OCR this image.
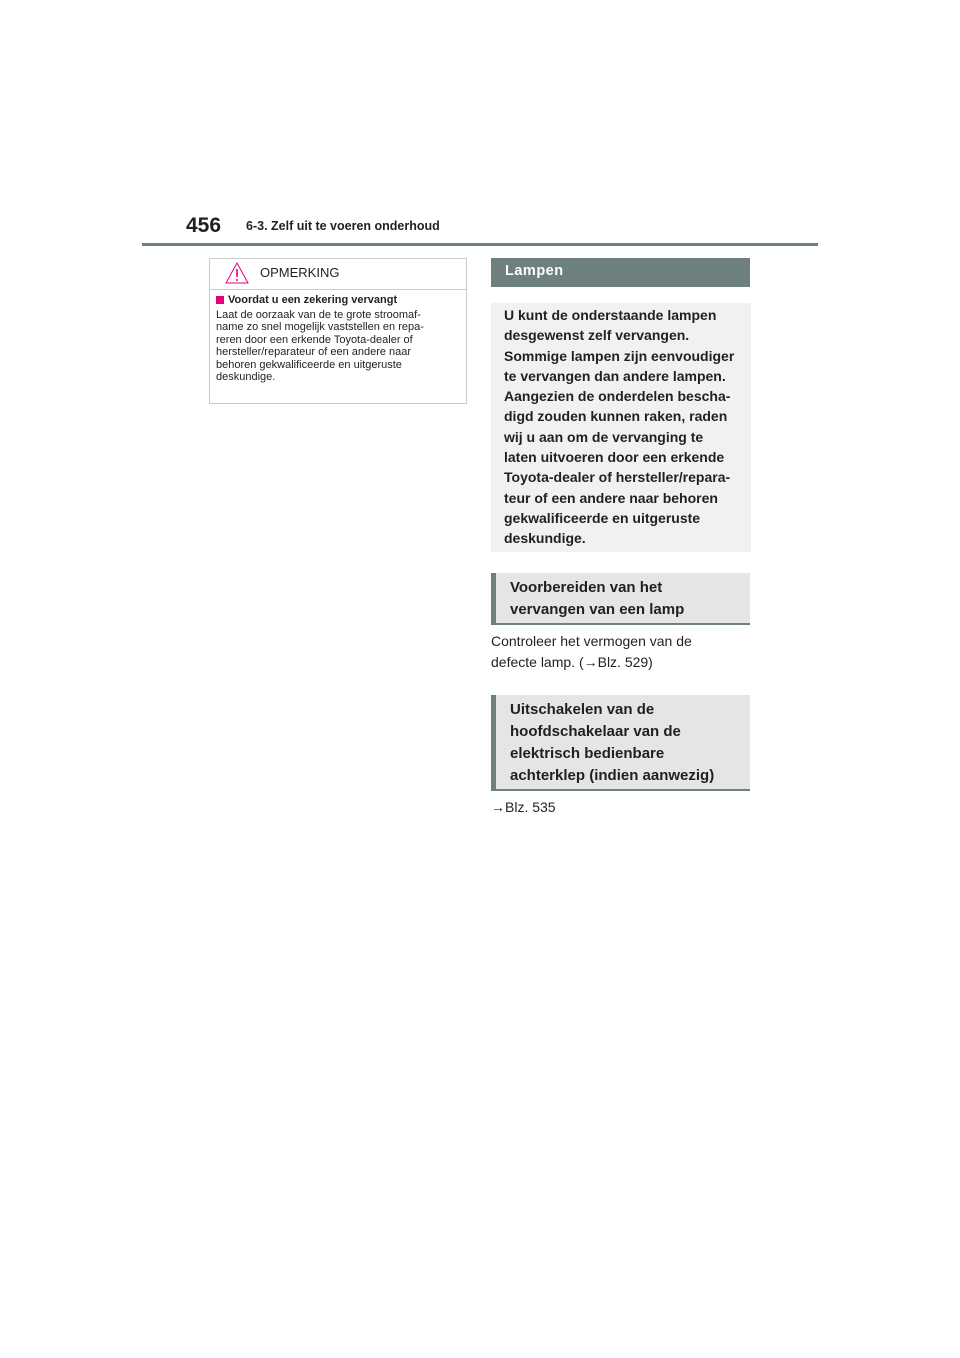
456 6-3. Zelf uit te voeren onderhoud
OPMERKING

Voordat u een zekering vervangt

Laat de oorzaak van de te grote stroomaf-
name zo snel mogelijk vaststellen en repa-
reren door een erkende Toyota-dealer of
hersteller/reparateur of een andere naar
behoren gekwalificeerde en uitgeruste
deskundige.

Lampen

U kunt de onderstaande lampen
desgewenst zelf vervangen.
Sommige lampen zijn eenvoudiger
te vervangen dan andere lampen.
Aangezien de onderdelen bescha-
digd zouden kunnen raken, raden
wij u aan om de vervanging te
laten uitvoeren door een erkende
Toyota-dealer of hersteller/repara-
teur of een andere naar behoren
gekwalificeerde en uitgeruste
deskundige.

Voorbereiden van het
vervangen van een lamp

Controleer het vermogen van de
defecte lamp. (→Blz. 529)

Uitschakelen van de
hoofdschakelaar van de
elektrisch bedienbare
achterklep (indien aanwezig)

→Blz. 535
